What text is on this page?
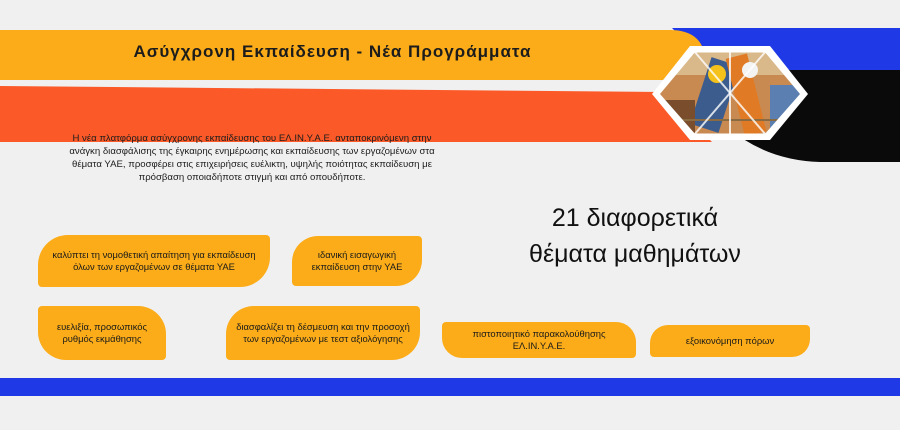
Ασύγχρονη Εκπαίδευση - Νέα Προγράμματα
Η νέα πλατφόρμα ασύγχρονης εκπαίδευσης του ΕΛ.ΙΝ.Υ.Α.Ε. ανταποκρινόμενη στην ανάγκη διασφάλισης της έγκαιρης ενημέρωσης και εκπαίδευσης των εργαζομένων στα θέματα ΥΑΕ, προσφέρει στις επιχειρήσεις ευέλικτη, υψηλής ποιότητας εκπαίδευση με πρόσβαση οποιαδήποτε στιγμή και από οπουδήποτε.
21 διαφορετικά
θέματα μαθημάτων
καλύπτει τη νομοθετική απαίτηση για εκπαίδευση όλων των εργαζομένων σε θέματα ΥΑΕ
ιδανική εισαγωγική εκπαίδευση στην ΥΑΕ
ευελιξία, προσωπικός ρυθμός εκμάθησης
διασφαλίζει τη δέσμευση και την προσοχή των εργαζομένων με τεστ αξιολόγησης	πιστοποιητικό παρακολούθησης ΕΛ.ΙΝ.Υ.Α.Ε.	εξοικονόμηση πόρων
